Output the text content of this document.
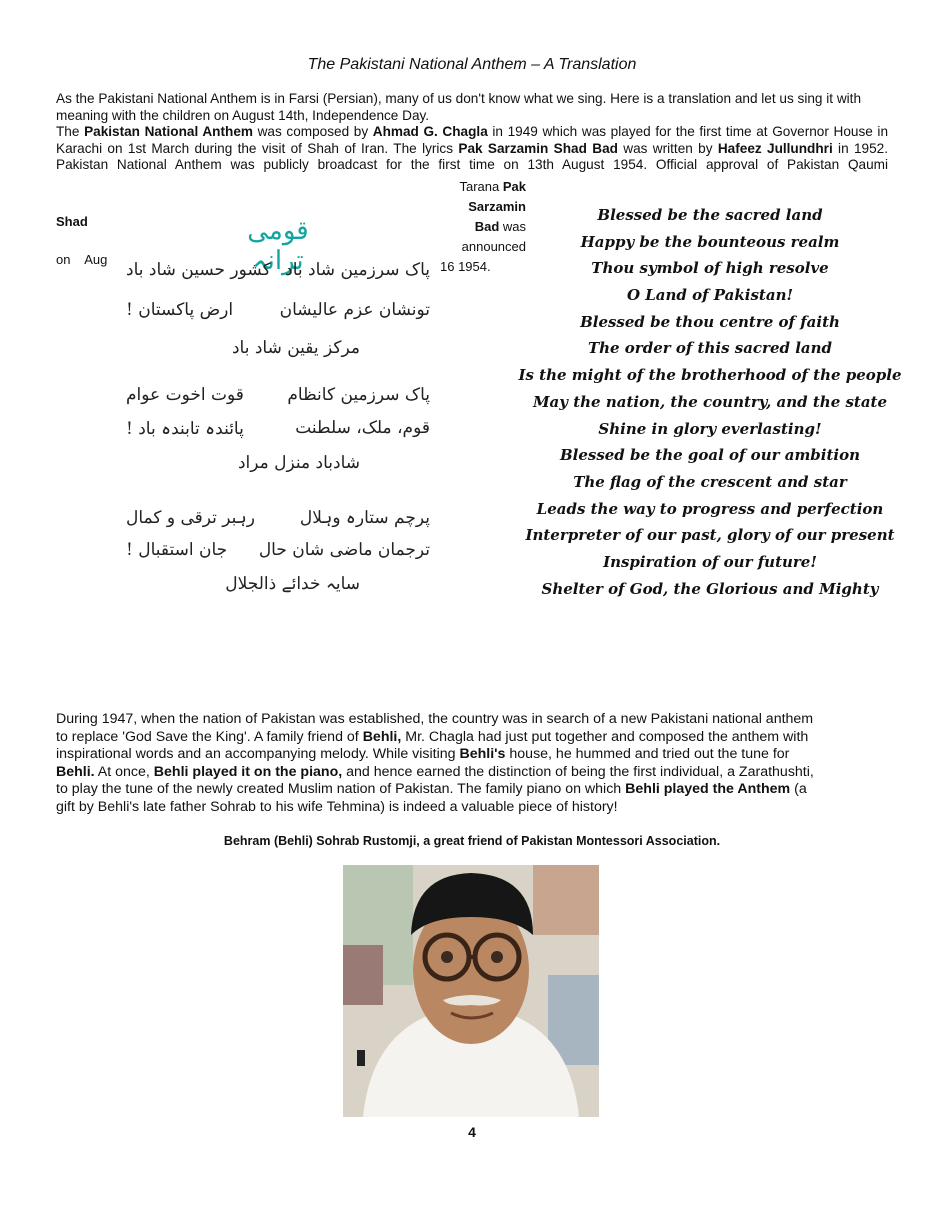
The Pakistani National Anthem – A Translation
As the Pakistani National Anthem is in Farsi (Persian), many of us don't know what we sing. Here is a translation and let us sing it with
meaning with the children on August 14th, Independence Day.
The Pakistan National Anthem was composed by Ahmad G. Chagla in 1949 which was played for the first time at Governor House in
Karachi on 1st March during the visit of Shah of Iran. The lyrics Pak Sarzamin Shad Bad was written by Hafeez Jullundhri in 1952.
Pakistan National Anthem was publicly broadcast for the first time on 13th August 1954. Official approval of Pakistan Qaumi
Tarana Pak
Sarzamin
Bad was
announced
16 1954.
Shad
on    Aug
قومی ترانہ
پاک سرزمین شاد باد
کشور حسین شاد باد
تونشان عزم عالیشان
ارض پاکستان !
مرکز یقین شاد باد
پاک سرزمین کانظام
قوت اخوت عوام
قوم، ملک، سلطنت
پائندہ تابندہ باد !
شادباد منزل مراد
پرچم ستارہ وہلال
رہبر ترقی و کمال
ترجمان ماضی شان حال
جان استقبال !
سایہ خدائے ذالجلال
Blessed be the sacred land
Happy be the bounteous realm
Thou symbol of high resolve
O Land of Pakistan!
Blessed be thou centre of faith
The order of this sacred land
Is the might of the brotherhood of the people
May the nation, the country, and the state
Shine in glory everlasting!
Blessed be the goal of our ambition
The flag of the crescent and star
Leads the way to progress and perfection
Interpreter of our past, glory of our present
Inspiration of our future!
Shelter of God, the Glorious and Mighty
During 1947, when the nation of Pakistan was established, the country was in search of a new Pakistani national anthem
to replace 'God Save the King'. A family friend of Behli, Mr. Chagla had just put together and composed the anthem with
inspirational words and an accompanying melody. While visiting Behli's house, he hummed and tried out the tune for
Behli. At once, Behli played it on the piano, and hence earned the distinction of being the first individual, a Zarathushti,
to play the tune of the newly created Muslim nation of Pakistan. The family piano on which Behli played the Anthem (a
gift by Behli's late father Sohrab to his wife Tehmina) is indeed a valuable piece of history!
Behram (Behli) Sohrab Rustomji, a great friend of Pakistan Montessori Association.
4
